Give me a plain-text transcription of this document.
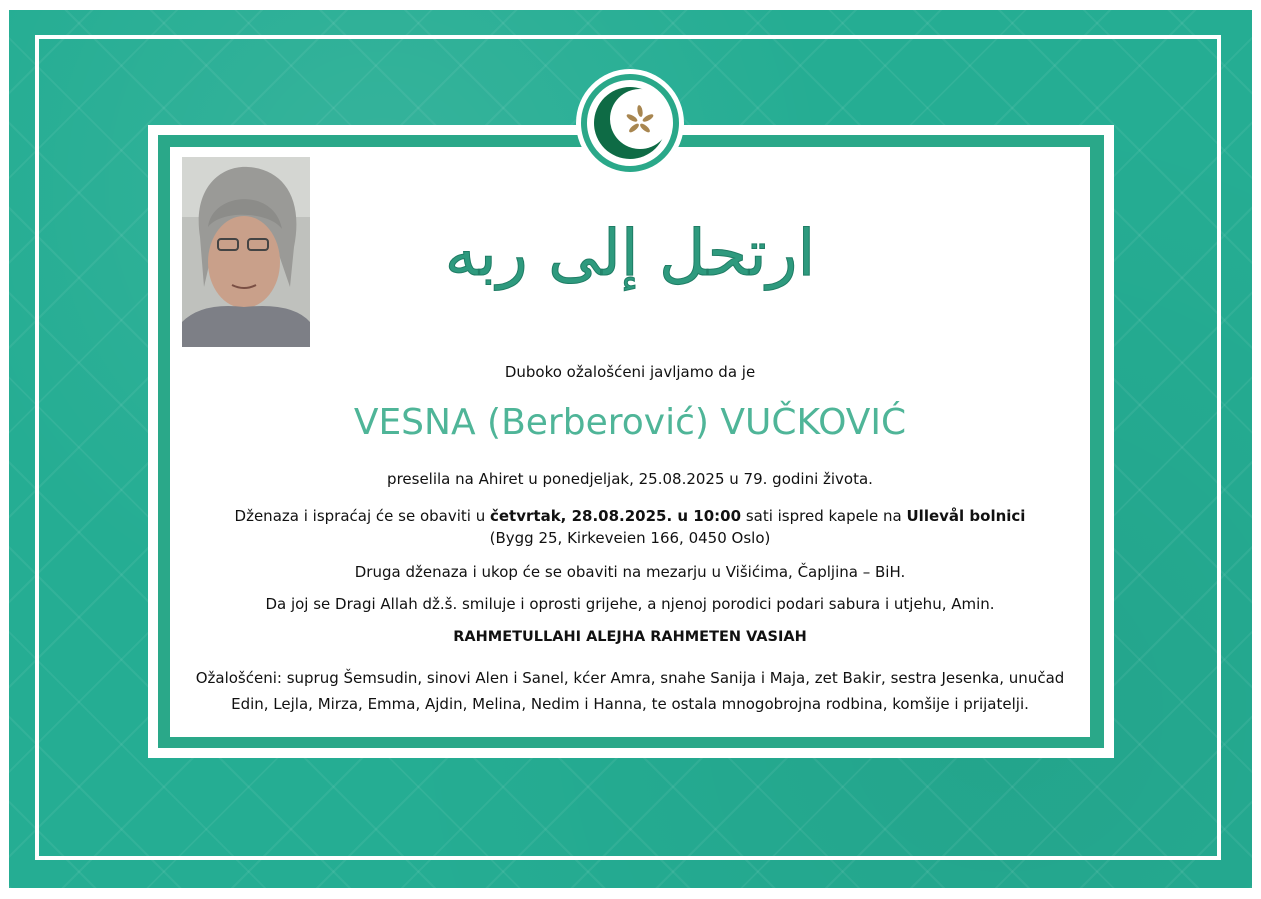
ارتحل إلى ربه
Duboko ožalošćeni javljamo da je
VESNA (Berberović) VUČKOVIĆ
preselila na Ahiret u ponedjeljak, 25.08.2025 u 79. godini života.
Dženaza i ispraćaj će se obaviti u četvrtak, 28.08.2025. u 10:00 sati ispred kapele na Ullevål bolnici
(Bygg 25, Kirkeveien 166, 0450 Oslo)
Druga dženaza i ukop će se obaviti na mezarju u Višićima, Čapljina – BiH.
Da joj se Dragi Allah dž.š. smiluje i oprosti grijehe, a njenoj porodici podari sabura i utjehu, Amin.
RAHMETULLAHI ALEJHA RAHMETEN VASIAH
Ožalošćeni: suprug Šemsudin, sinovi Alen i Sanel, kćer Amra, snahe Sanija i Maja, zet Bakir, sestra Jesenka, unučad Edin, Lejla, Mirza, Emma, Ajdin, Melina, Nedim i Hanna, te ostala mnogobrojna rodbina, komšije i prijatelji.
